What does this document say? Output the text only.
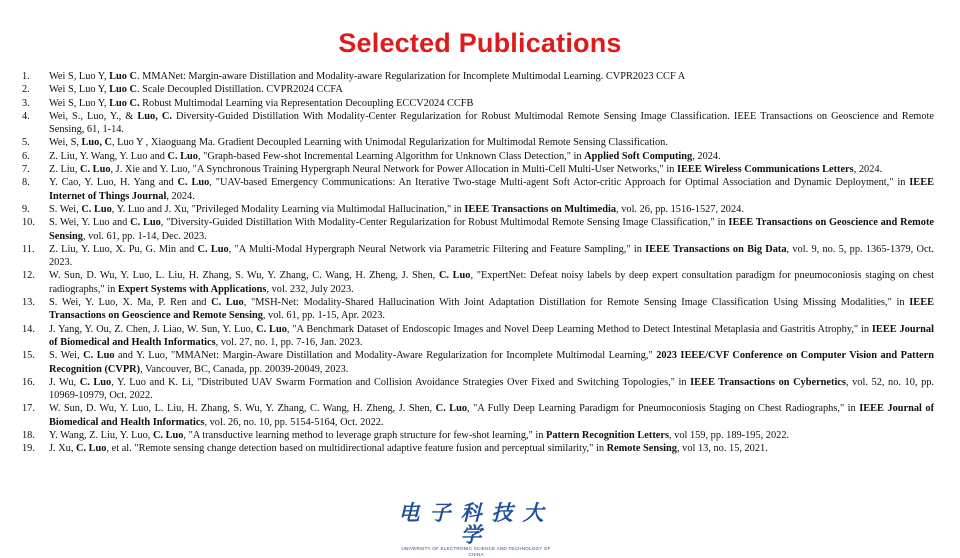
Selected Publications
1. Wei S, Luo Y, Luo C. MMANet: Margin-aware Distillation and Modality-aware Regularization for Incomplete Multimodal Learning. CVPR2023 CCF A
2. Wei S, Luo Y, Luo C. Scale Decoupled Distillation. CVPR2024 CCFA
3. Wei S, Luo Y, Luo C. Robust Multimodal Learning via Representation Decoupling ECCV2024 CCFB
4. Wei, S., Luo, Y., & Luo, C. Diversity-Guided Distillation With Modality-Center Regularization for Robust Multimodal Remote Sensing Image Classification. IEEE Transactions on Geoscience and Remote Sensing, 61, 1-14.
5. Wei, S, Luo, C, Luo Y , Xiaoguang Ma. Gradient Decoupled Learning with Unimodal Regularization for Multimodal Remote Sensing Classification.
6. Z. Liu, Y. Wang, Y. Luo and C. Luo, "Graph-based Few-shot Incremental Learning Algorithm for Unknown Class Detection," in Applied Soft Computing, 2024.
7. Z. Liu, C. Luo, J. Xie and Y. Luo, "A Synchronous Training Hypergraph Neural Network for Power Allocation in Multi-Cell Multi-User Networks," in IEEE Wireless Communications Letters, 2024.
8. Y. Cao, Y. Luo, H. Yang and C. Luo, "UAV-based Emergency Communications: An Iterative Two-stage Multi-agent Soft Actor-critic Approach for Optimal Association and Dynamic Deployment," in IEEE Internet of Things Journal, 2024.
9. S. Wei, C. Luo, Y. Luo and J. Xu, "Privileged Modality Learning via Multimodal Hallucination," in IEEE Transactions on Multimedia, vol. 26, pp. 1516-1527, 2024.
10. S. Wei, Y. Luo and C. Luo, "Diversity-Guided Distillation With Modality-Center Regularization for Robust Multimodal Remote Sensing Image Classification," in IEEE Transactions on Geoscience and Remote Sensing, vol. 61, pp. 1-14, Dec. 2023.
11. Z. Liu, Y. Luo, X. Pu, G. Min and C. Luo, "A Multi-Modal Hypergraph Neural Network via Parametric Filtering and Feature Sampling," in IEEE Transactions on Big Data, vol. 9, no. 5, pp. 1365-1379, Oct. 2023.
12. W. Sun, D. Wu, Y. Luo, L. Liu, H. Zhang, S. Wu, Y. Zhang, C. Wang, H. Zheng, J. Shen, C. Luo, "ExpertNet: Defeat noisy labels by deep expert consultation paradigm for pneumoconiosis staging on chest radiographs," in Expert Systems with Applications, vol. 232, July 2023.
13. S. Wei, Y. Luo, X. Ma, P. Ren and C. Luo, "MSH-Net: Modality-Shared Hallucination With Joint Adaptation Distillation for Remote Sensing Image Classification Using Missing Modalities," in IEEE Transactions on Geoscience and Remote Sensing, vol. 61, pp. 1-15, Apr. 2023.
14. J. Yang, Y. Ou, Z. Chen, J. Liao, W. Sun, Y. Luo, C. Luo, "A Benchmark Dataset of Endoscopic Images and Novel Deep Learning Method to Detect Intestinal Metaplasia and Gastritis Atrophy," in IEEE Journal of Biomedical and Health Informatics, vol. 27, no. 1, pp. 7-16, Jan. 2023.
15. S. Wei, C. Luo and Y. Luo, "MMANet: Margin-Aware Distillation and Modality-Aware Regularization for Incomplete Multimodal Learning," 2023 IEEE/CVF Conference on Computer Vision and Pattern Recognition (CVPR), Vancouver, BC, Canada, pp. 20039-20049, 2023.
16. J. Wu, C. Luo, Y. Luo and K. Li, "Distributed UAV Swarm Formation and Collision Avoidance Strategies Over Fixed and Switching Topologies," in IEEE Transactions on Cybernetics, vol. 52, no. 10, pp. 10969-10979, Oct. 2022.
17. W. Sun, D. Wu, Y. Luo, L. Liu, H. Zhang, S. Wu, Y. Zhang, C. Wang, H. Zheng, J. Shen, C. Luo, "A Fully Deep Learning Paradigm for Pneumoconiosis Staging on Chest Radiographs," in IEEE Journal of Biomedical and Health Informatics, vol. 26, no. 10, pp. 5154-5164, Oct. 2022.
18. Y. Wang, Z. Liu, Y. Luo, C. Luo, "A transductive learning method to leverage graph structure for few-shot learning," in Pattern Recognition Letters, vol 159, pp. 189-195, 2022.
19. J. Xu, C. Luo, et al. "Remote sensing change detection based on multidirectional adaptive feature fusion and perceptual similarity," in Remote Sensing, vol 13, no. 15, 2021.
电子科技大学
UNIVERSITY OF ELECTRONIC SCIENCE AND TECHNOLOGY OF CHINA
